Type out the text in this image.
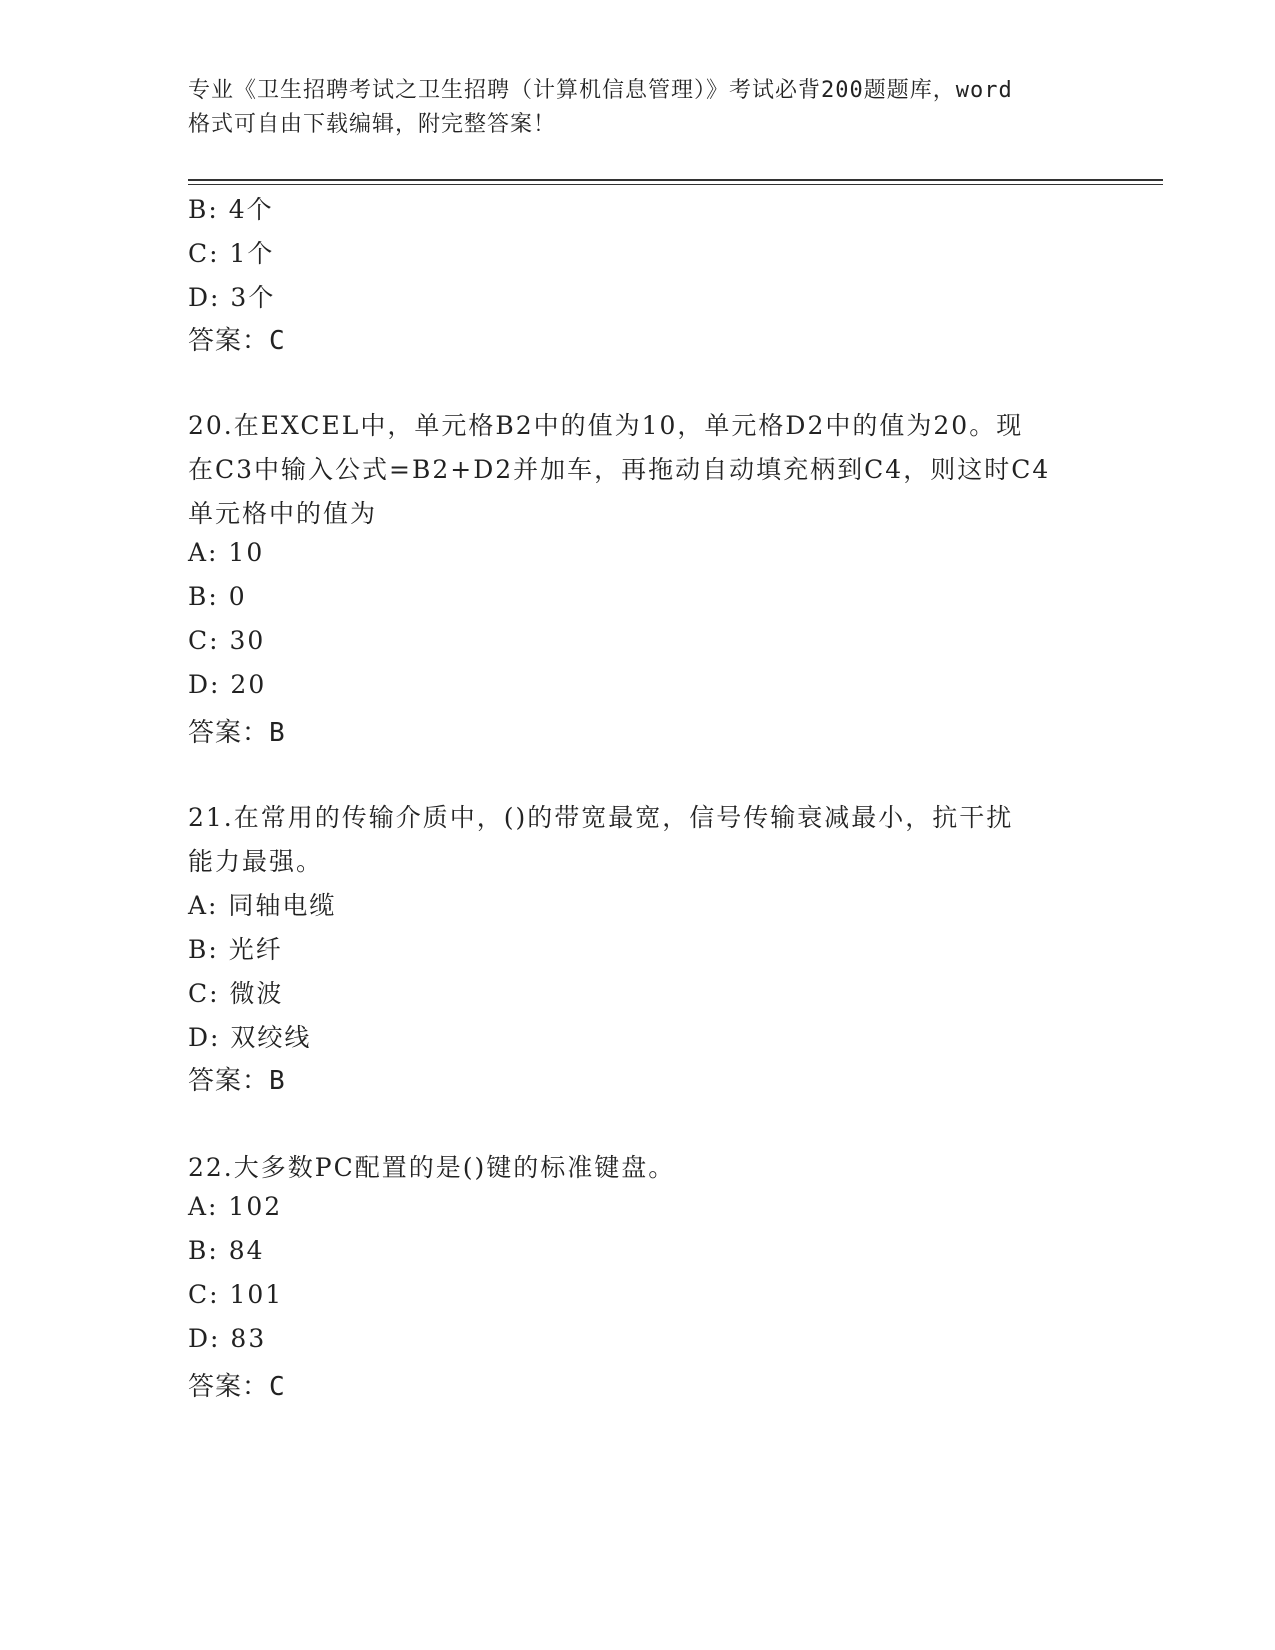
专业《卫生招聘考试之卫生招聘（计算机信息管理）》考试必背200题题库，word
格式可自由下载编辑，附完整答案！
B: 4个
C: 1个
D: 3个
答案：C
20.在EXCEL中，单元格B2中的值为10，单元格D2中的值为20。现
在C3中输入公式=B2+D2并加车，再拖动自动填充柄到C4，则这时C4
单元格中的值为
A: 10
B: 0
C: 30
D: 20
答案：B
21.在常用的传输介质中，()的带宽最宽，信号传输衰减最小，抗干扰
能力最强。
A: 同轴电缆
B: 光纤
C: 微波
D: 双绞线
答案：B
22.大多数PC配置的是()键的标准键盘。
A: 102
B: 84
C: 101
D: 83
答案：C
